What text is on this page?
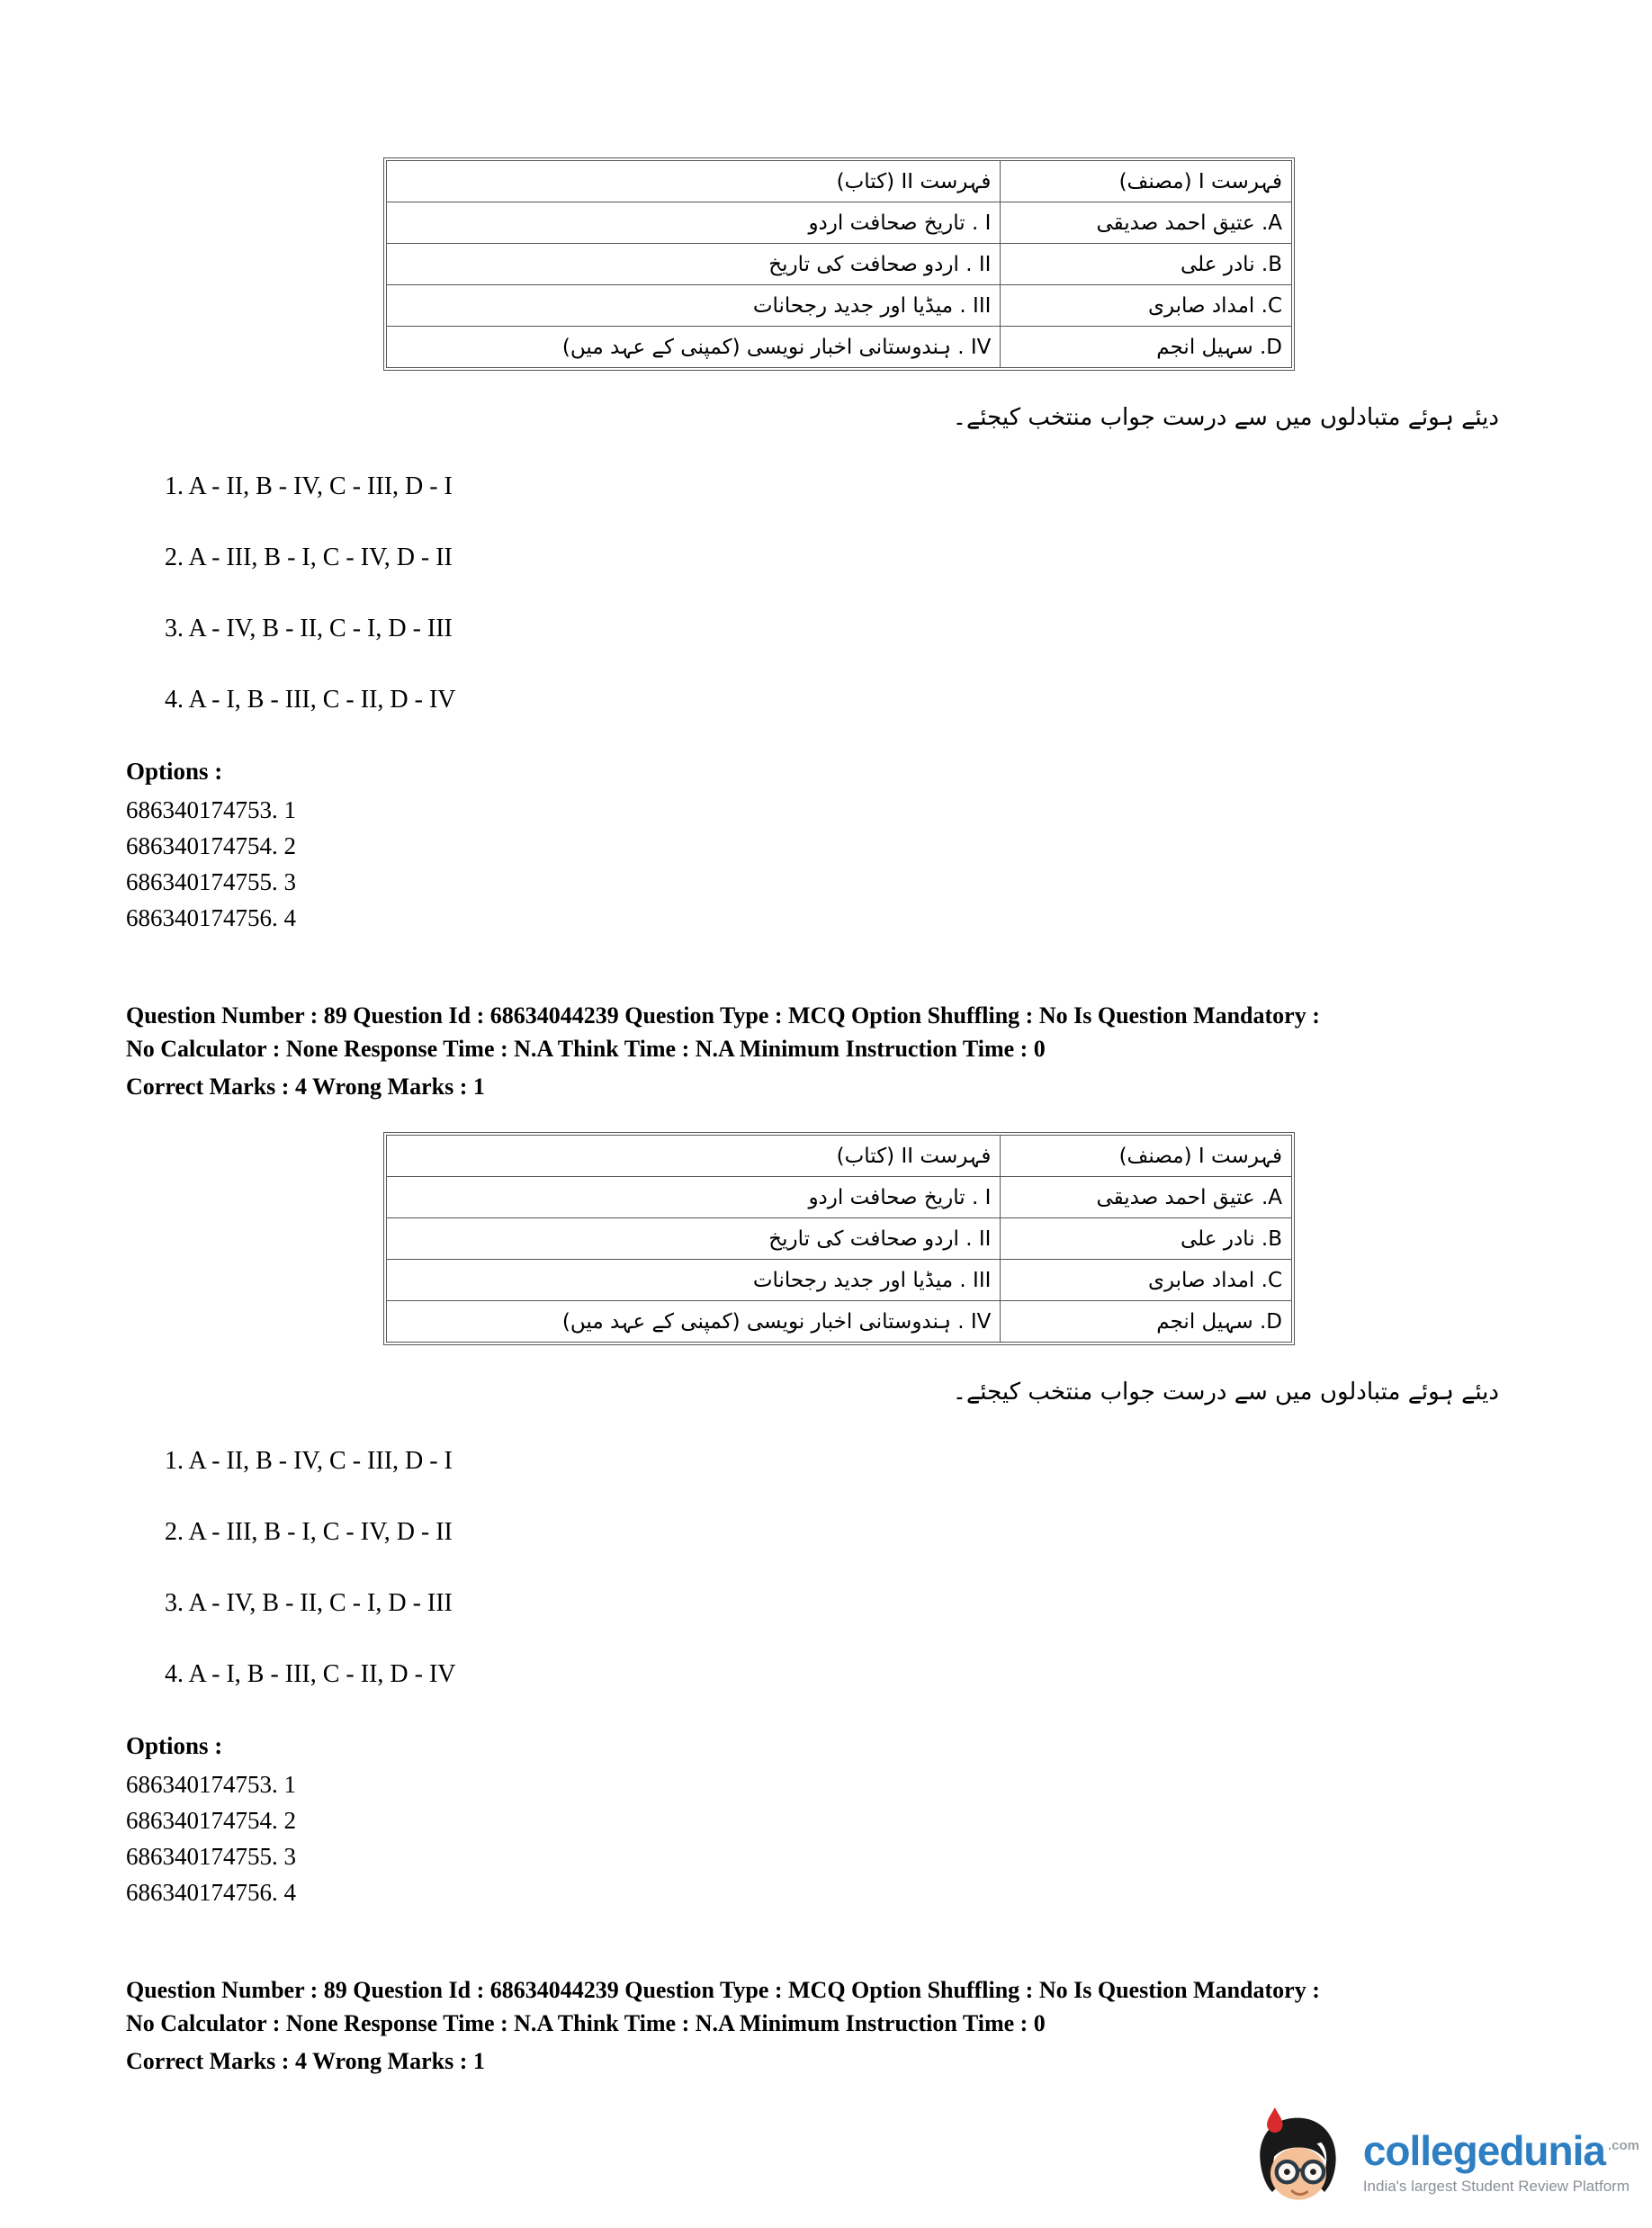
فہرست II (کتاب)	فہرست I (مصنف)
I . تاریخ صحافت اردو	A. عتیق احمد صدیقی
II . اردو صحافت کی تاریخ	B. نادر علی
III . میڈیا اور جدید رجحانات	C. امداد صابری
IV . ہندوستانی اخبار نویسی (کمپنی کے عہد میں)	D. سہیل انجم
دیئے ہوئے متبادلوں میں سے درست جواب منتخب کیجئے۔
1. A - II, B - IV, C - III, D - I
2. A - III, B - I, C - IV, D - II
3. A - IV, B - II, C - I, D - III
4. A - I, B - III, C - II, D - IV
Options :
686340174753. 1
686340174754. 2
686340174755. 3
686340174756. 4
Question Number : 89 Question Id : 68634044239 Question Type : MCQ Option Shuffling : No Is Question Mandatory :
No Calculator : None Response Time : N.A Think Time : N.A Minimum Instruction Time : 0
Correct Marks : 4 Wrong Marks : 1
فہرست II (کتاب)	فہرست I (مصنف)
I . تاریخ صحافت اردو	A. عتیق احمد صدیقی
II . اردو صحافت کی تاریخ	B. نادر علی
III . میڈیا اور جدید رجحانات	C. امداد صابری
IV . ہندوستانی اخبار نویسی (کمپنی کے عہد میں)	D. سہیل انجم
دیئے ہوئے متبادلوں میں سے درست جواب منتخب کیجئے۔
1. A - II, B - IV, C - III, D - I
2. A - III, B - I, C - IV, D - II
3. A - IV, B - II, C - I, D - III
4. A - I, B - III, C - II, D - IV
Options :
686340174753. 1
686340174754. 2
686340174755. 3
686340174756. 4
Question Number : 89 Question Id : 68634044239 Question Type : MCQ Option Shuffling : No Is Question Mandatory :
No Calculator : None Response Time : N.A Think Time : N.A Minimum Instruction Time : 0
Correct Marks : 4 Wrong Marks : 1
collegedunia $^{.com}$
India's largest Student Review Platform
